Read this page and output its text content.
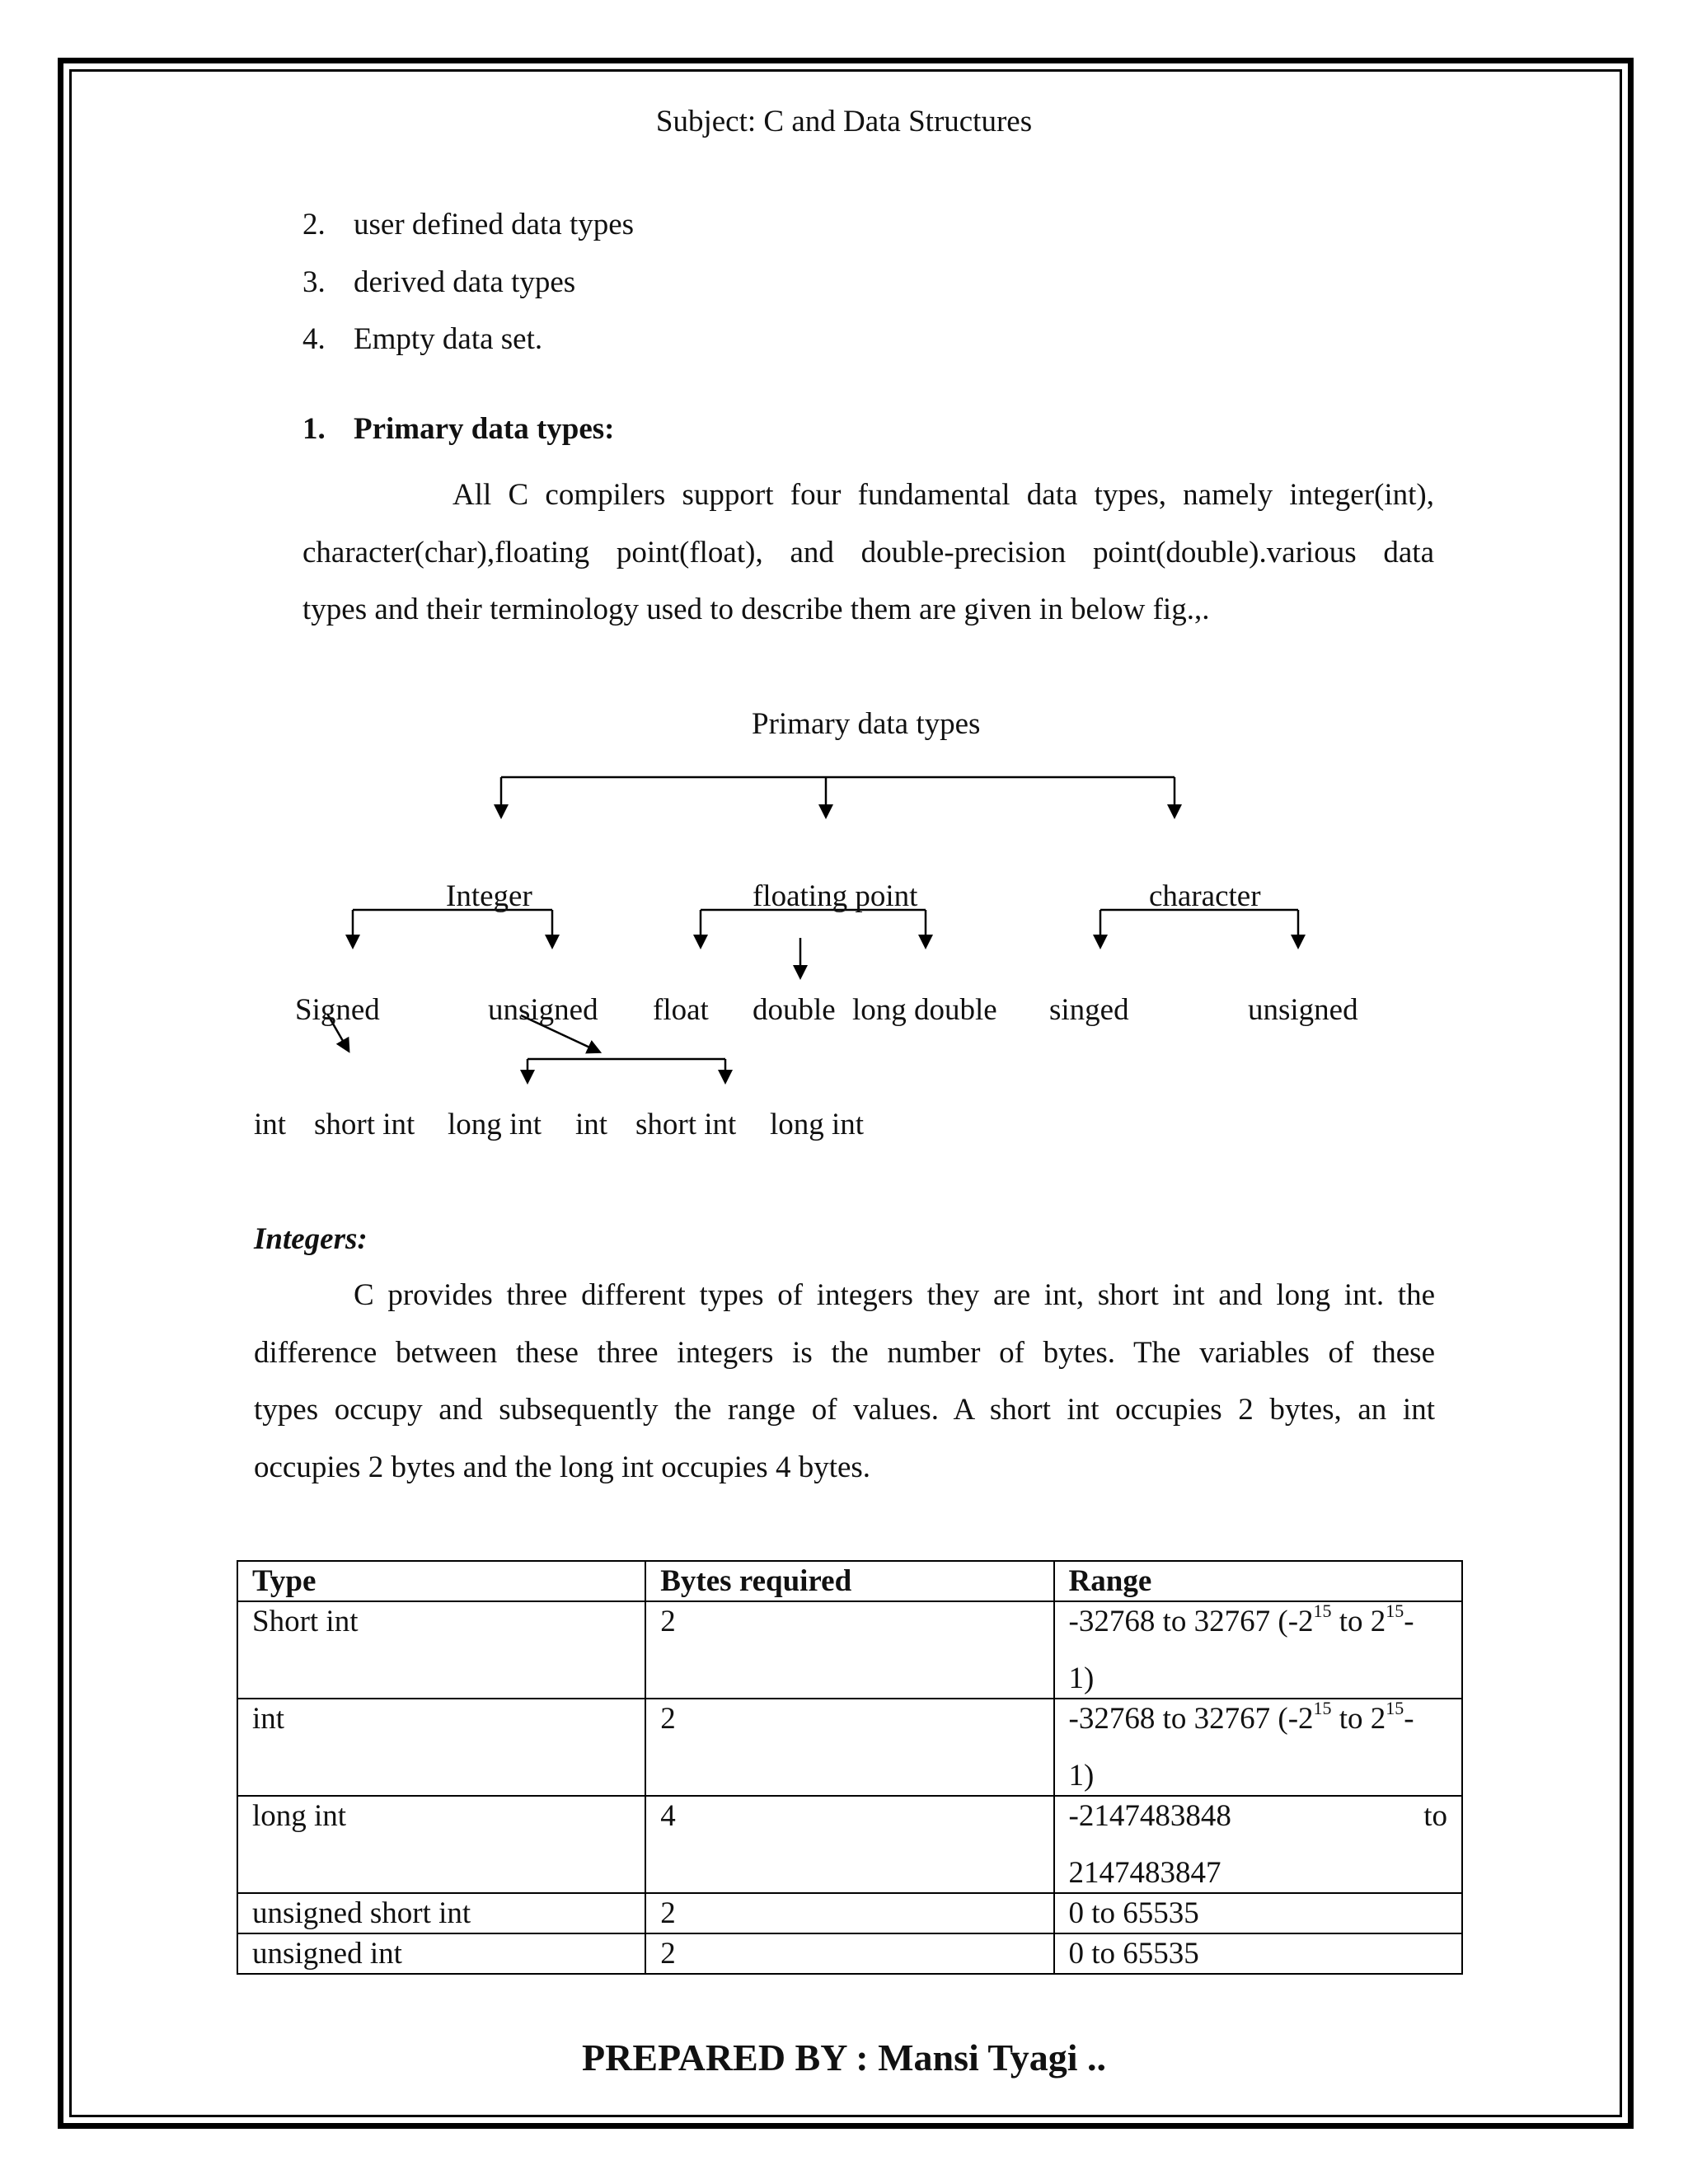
Subject: C and Data Structures
2. user defined data types
3. derived data types
4. Empty data set.
1. Primary data types:
All C compilers support four fundamental data types, namely integer(int),
character(char),floating point(float), and double-precision point(double).various data
types and their terminology used to describe them are given in below fig.,.
Primary data types
Integer	floating point	character
Signed	unsigned float double long double singed	unsigned
int short int long int int short int long int
Integers:
C provides three different types of integers they are int, short int and long int. the
difference between these three integers is the number of bytes. The variables of these
types occupy and subsequently the range of values. A short int occupies 2 bytes, an int
occupies 2 bytes and the long int occupies 4 bytes.
Type	Bytes required	Range
Short int	2	-32768 to 32767 ($-2^{15}$ to $2^{15}-$
1)

int	2	-32768 to 32767 ($-2^{15}$ to $2^{15}-$
1)

long int	4	-2147483848 to
2147483847

unsigned short int	2	0 to 65535
unsigned int	2	0 to 65535
PREPARED BY : Mansi Tyagi ..
